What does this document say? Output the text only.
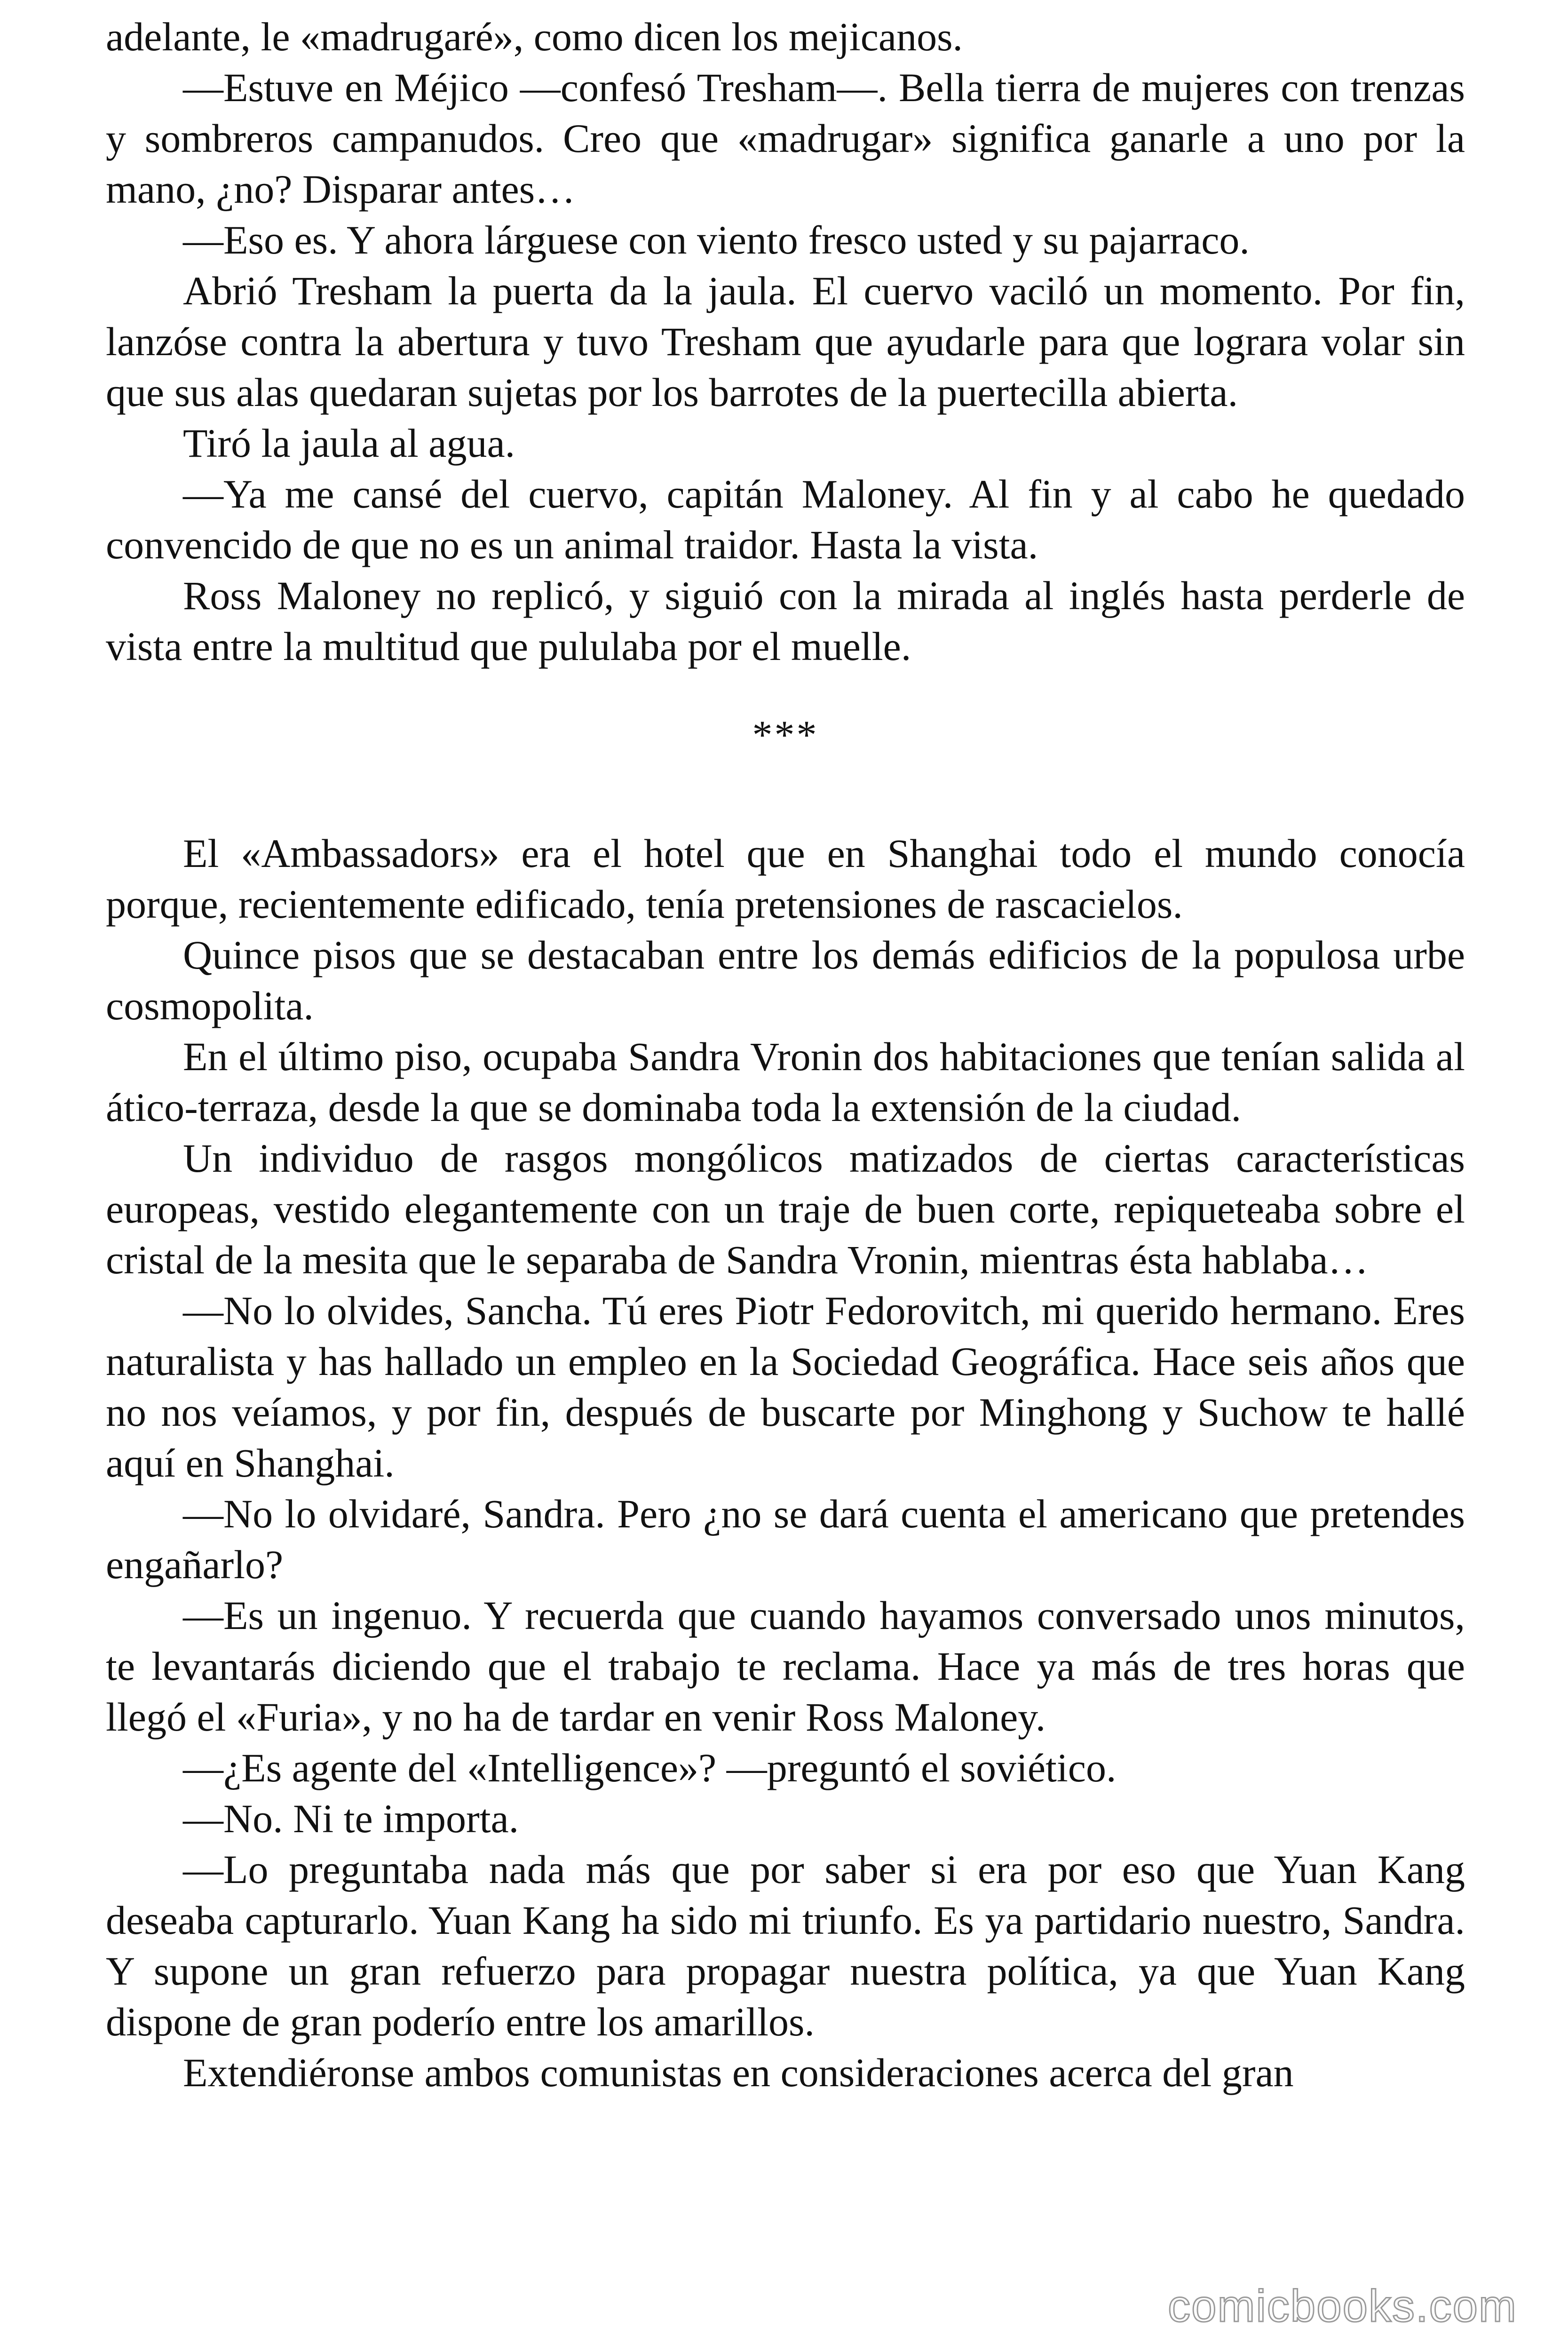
adelante, le «madrugaré», como dicen los mejicanos.

—Estuve en Méjico —confesó Tresham—. Bella tierra de mujeres con trenzas y sombreros campanudos. Creo que «madrugar» significa ganarle a uno por la mano, ¿no? Disparar antes…

—Eso es. Y ahora lárguese con viento fresco usted y su pajarraco.

Abrió Tresham la puerta da la jaula. El cuervo vaciló un momento. Por fin, lanzóse contra la abertura y tuvo Tresham que ayudarle para que lograra volar sin que sus alas quedaran sujetas por los barrotes de la puertecilla abierta.

Tiró la jaula al agua.

—Ya me cansé del cuervo, capitán Maloney. Al fin y al cabo he quedado convencido de que no es un animal traidor. Hasta la vista.

Ross Maloney no replicó, y siguió con la mirada al inglés hasta perderle de vista entre la multitud que pululaba por el muelle.

***

El «Ambassadors» era el hotel que en Shanghai todo el mundo conocía porque, recientemente edificado, tenía pretensiones de rascacielos.

Quince pisos que se destacaban entre los demás edificios de la populosa urbe cosmopolita.

En el último piso, ocupaba Sandra Vronin dos habitaciones que tenían salida al ático-terraza, desde la que se dominaba toda la extensión de la ciudad.

Un individuo de rasgos mongólicos matizados de ciertas características europeas, vestido elegantemente con un traje de buen corte, repiqueteaba sobre el cristal de la mesita que le separaba de Sandra Vronin, mientras ésta hablaba…

—No lo olvides, Sancha. Tú eres Piotr Fedorovitch, mi querido hermano. Eres naturalista y has hallado un empleo en la Sociedad Geográfica. Hace seis años que no nos veíamos, y por fin, después de buscarte por Minghong y Suchow te hallé aquí en Shanghai.

—No lo olvidaré, Sandra. Pero ¿no se dará cuenta el americano que pretendes engañarlo?

—Es un ingenuo. Y recuerda que cuando hayamos conversado unos minutos, te levantarás diciendo que el trabajo te reclama. Hace ya más de tres horas que llegó el «Furia», y no ha de tardar en venir Ross Maloney.

—¿Es agente del «Intelligence»? —preguntó el soviético.

—No. Ni te importa.

—Lo preguntaba nada más que por saber si era por eso que Yuan Kang deseaba capturarlo. Yuan Kang ha sido mi triunfo. Es ya partidario nuestro, Sandra. Y supone un gran refuerzo para propagar nuestra política, ya que Yuan Kang dispone de gran poderío entre los amarillos.

Extendiéronse ambos comunistas en consideraciones acerca del gran

comicbooks.com
